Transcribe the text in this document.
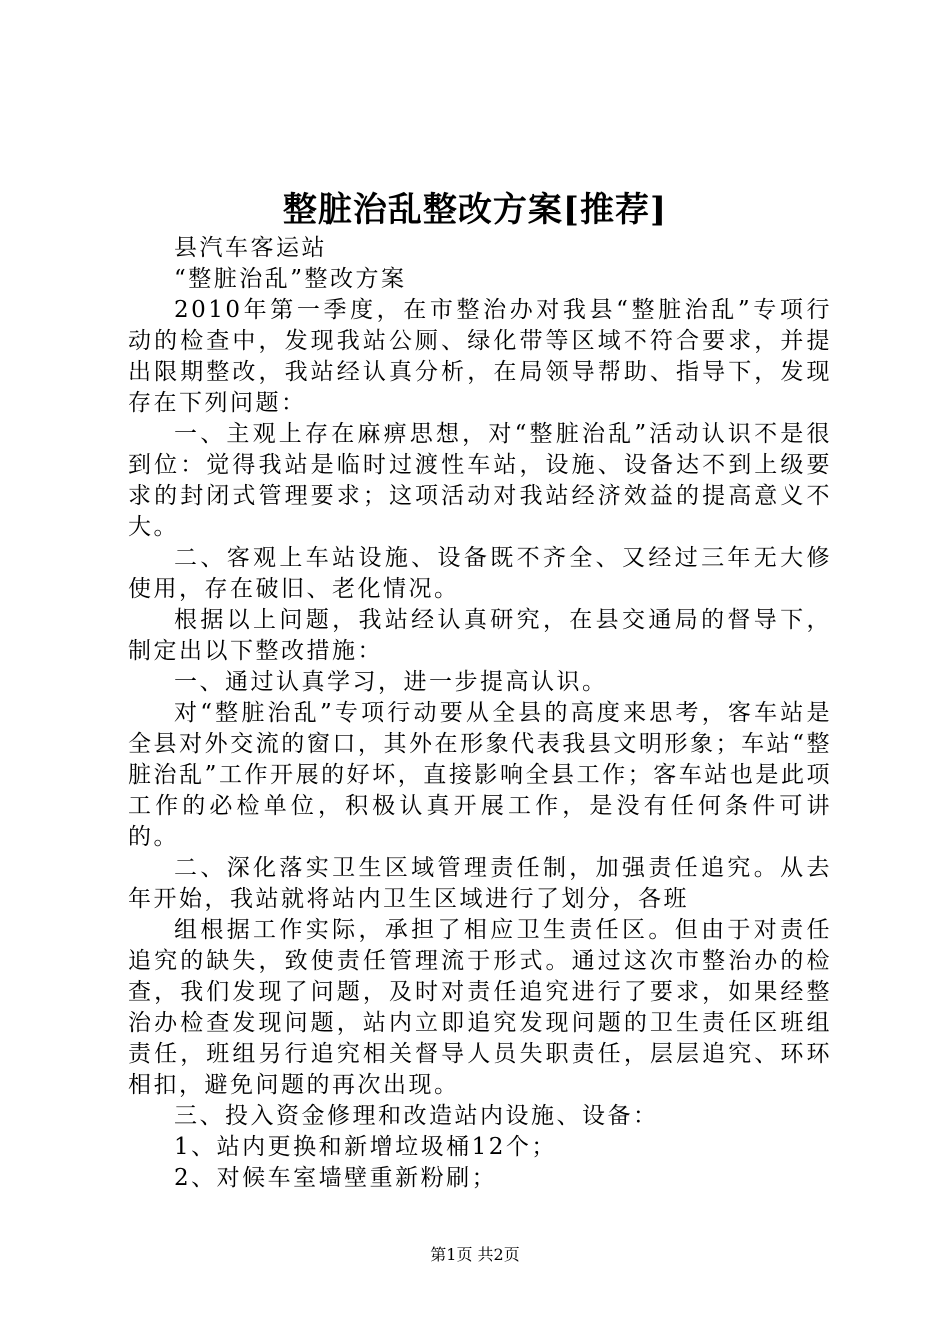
整脏治乱整改方案[推荐]

县汽车客运站

“整脏治乱”整改方案

2010年第一季度，在市整治办对我县“整脏治乱”专项行动的检查中，发现我站公厕、绿化带等区域不符合要求，并提出限期整改，我站经认真分析，在局领导帮助、指导下，发现存在下列问题：

一、主观上存在麻痹思想，对“整脏治乱”活动认识不是很到位：觉得我站是临时过渡性车站，设施、设备达不到上级要求的封闭式管理要求；这项活动对我站经济效益的提高意义不大。

二、客观上车站设施、设备既不齐全、又经过三年无大修使用，存在破旧、老化情况。

根据以上问题，我站经认真研究，在县交通局的督导下，制定出以下整改措施：

一、通过认真学习，进一步提高认识。

对“整脏治乱”专项行动要从全县的高度来思考，客车站是全县对外交流的窗口，其外在形象代表我县文明形象；车站“整脏治乱”工作开展的好坏，直接影响全县工作；客车站也是此项工作的必检单位，积极认真开展工作，是没有任何条件可讲的。

二、深化落实卫生区域管理责任制，加强责任追究。从去年开始，我站就将站内卫生区域进行了划分，各班

组根据工作实际，承担了相应卫生责任区。但由于对责任追究的缺失，致使责任管理流于形式。通过这次市整治办的检查，我们发现了问题，及时对责任追究进行了要求，如果经整治办检查发现问题，站内立即追究发现问题的卫生责任区班组责任，班组另行追究相关督导人员失职责任，层层追究、环环相扣，避免问题的再次出现。

三、投入资金修理和改造站内设施、设备：

1、站内更换和新增垃圾桶12个；

2、对候车室墙壁重新粉刷；

第1页 共2页
